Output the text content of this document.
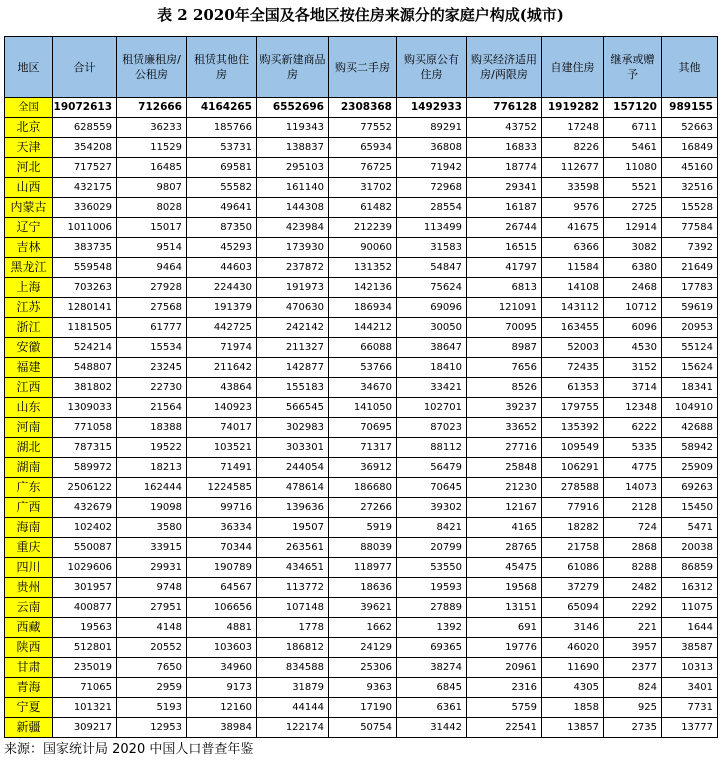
表 2 2020年全国及各地区按住房来源分的家庭户构成(城市)
地区	合计	租赁廉租房/公租房	租赁其他住房	购买新建商品房	购买二手房	购买原公有住房	购买经济适用房/两限房	自建住房	继承或赠予	其他
全国	19072613	712666	4164265	6552696	2308368	1492933	776128	1919282	157120	989155
北京	628559	36233	185766	119343	77552	89291	43752	17248	6711	52663
天津	354208	11529	53731	138837	65934	36808	16833	8226	5461	16849
河北	717527	16485	69581	295103	76725	71942	18774	112677	11080	45160
山西	432175	9807	55582	161140	31702	72968	29341	33598	5521	32516
内蒙古	336029	8028	49641	144308	61482	28554	16187	9576	2725	15528
辽宁	1011006	15017	87350	423984	212239	113499	26744	41675	12914	77584
吉林	383735	9514	45293	173930	90060	31583	16515	6366	3082	7392
黑龙江	559548	9464	44603	237872	131352	54847	41797	11584	6380	21649
上海	703263	27928	224430	191973	142136	75624	6813	14108	2468	17783
江苏	1280141	27568	191379	470630	186934	69096	121091	143112	10712	59619
浙江	1181505	61777	442725	242142	144212	30050	70095	163455	6096	20953
安徽	524214	15534	71974	211327	66088	38647	8987	52003	4530	55124
福建	548807	23245	211642	142877	53766	18410	7656	72435	3152	15624
江西	381802	22730	43864	155183	34670	33421	8526	61353	3714	18341
山东	1309033	21564	140923	566545	141050	102701	39237	179755	12348	104910
河南	771058	18388	74017	302983	70695	87023	33652	135392	6222	42688
湖北	787315	19522	103521	303301	71317	88112	27716	109549	5335	58942
湖南	589972	18213	71491	244054	36912	56479	25848	106291	4775	25909
广东	2506122	162444	1224585	478614	186680	70645	21230	278588	14073	69263
广西	432679	19098	99716	139636	27266	39302	12167	77916	2128	15450
海南	102402	3580	36334	19507	5919	8421	4165	18282	724	5471
重庆	550087	33915	70344	263561	88039	20799	28765	21758	2868	20038
四川	1029606	29931	190789	434651	118977	53550	45475	61086	8288	86859
贵州	301957	9748	64567	113772	18636	19593	19568	37279	2482	16312
云南	400877	27951	106656	107148	39621	27889	13151	65094	2292	11075
西藏	19563	4148	4881	1778	1662	1392	691	3146	221	1644
陕西	512801	20552	103603	186812	24129	69365	19776	46020	3957	38587
甘肃	235019	7650	34960	834588	25306	38274	20961	11690	2377	10313
青海	71065	2959	9173	31879	9363	6845	2316	4305	824	3401
宁夏	101321	5193	12160	44144	17190	6361	5759	1858	925	7731
新疆	309217	12953	38984	122174	50754	31442	22541	13857	2735	13777
来源：国家统计局 2020 中国人口普查年鉴
